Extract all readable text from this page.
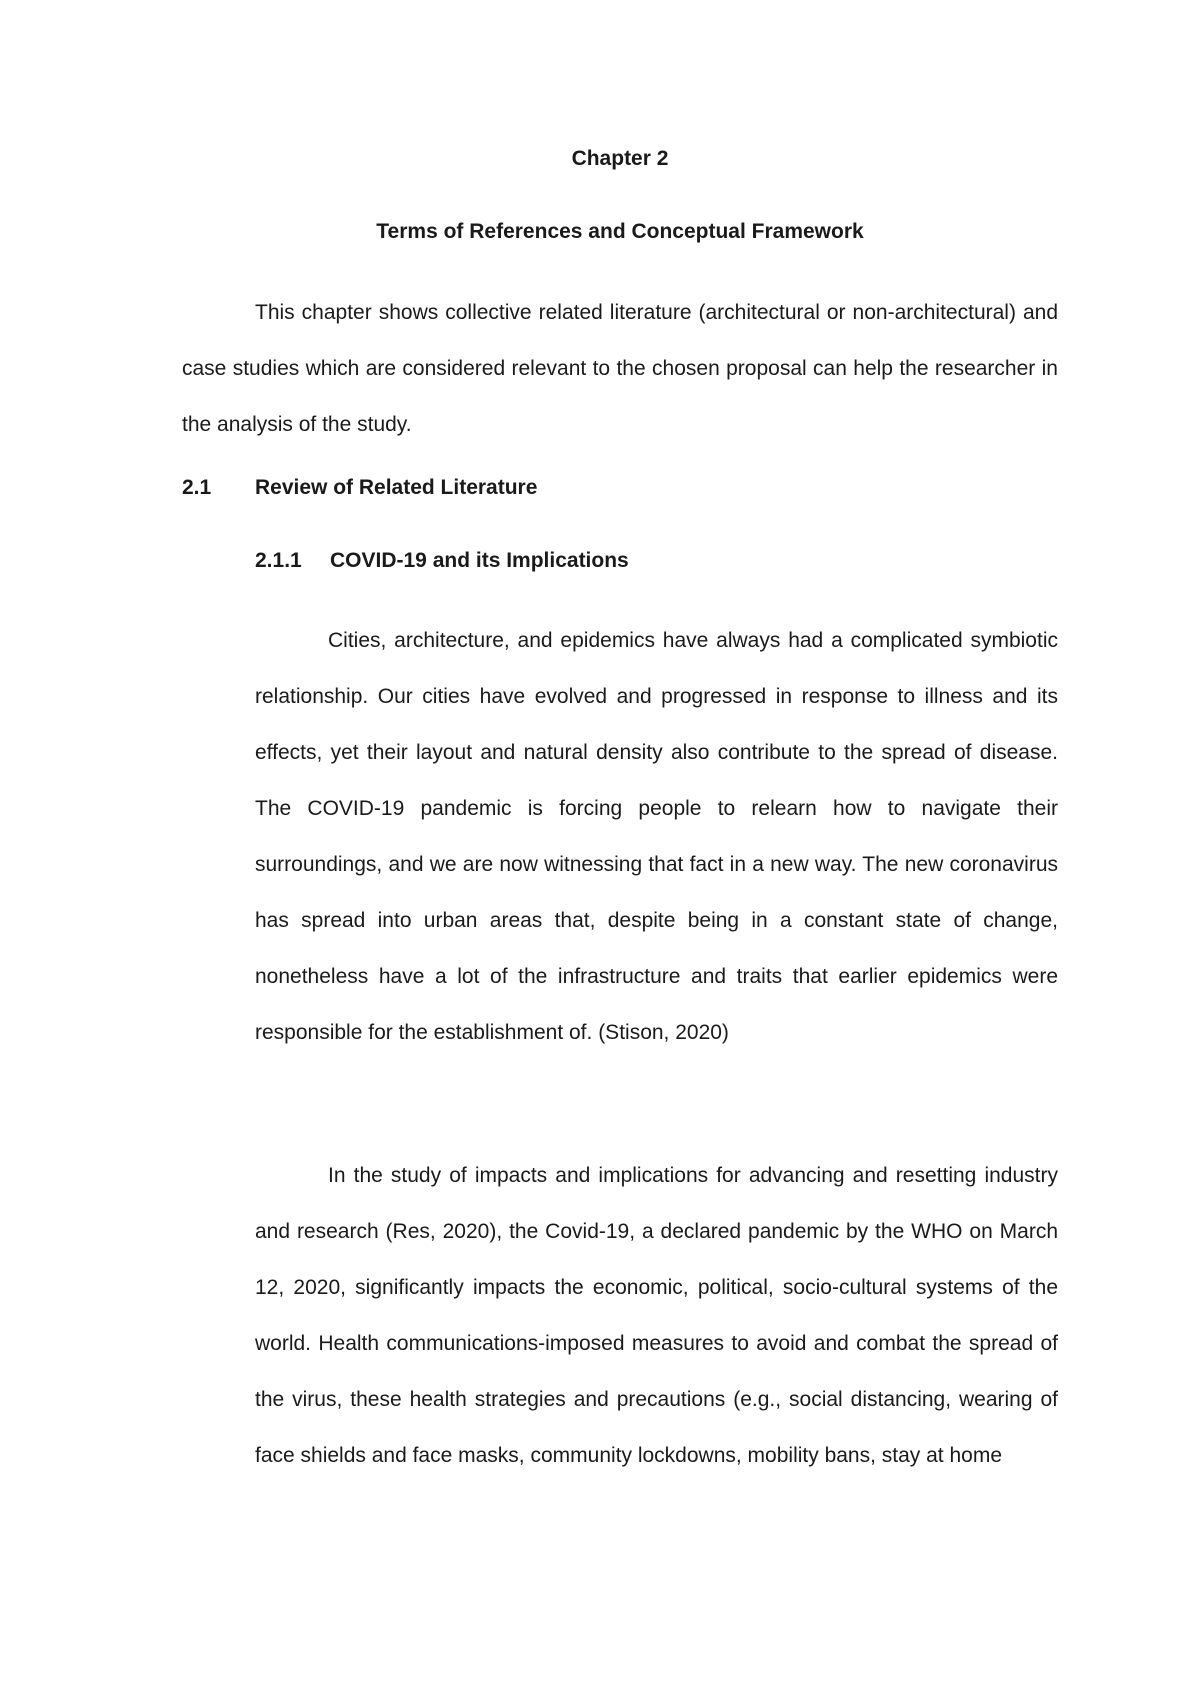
Chapter 2
Terms of References and Conceptual Framework

This chapter shows collective related literature (architectural or non-architectural) and case studies which are considered relevant to the chosen proposal can help the researcher in the analysis of the study.

2.1 Review of Related Literature
2.1.1 COVID-19 and its Implications

Cities, architecture, and epidemics have always had a complicated symbiotic relationship. Our cities have evolved and progressed in response to illness and its effects, yet their layout and natural density also contribute to the spread of disease. The COVID-19 pandemic is forcing people to relearn how to navigate their surroundings, and we are now witnessing that fact in a new way. The new coronavirus has spread into urban areas that, despite being in a constant state of change, nonetheless have a lot of the infrastructure and traits that earlier epidemics were responsible for the establishment of. (Stison, 2020)

In the study of impacts and implications for advancing and resetting industry and research (Res, 2020), the Covid-19, a declared pandemic by the WHO on March 12, 2020, significantly impacts the economic, political, socio-cultural systems of the world. Health communications-imposed measures to avoid and combat the spread of the virus, these health strategies and precautions (e.g., social distancing, wearing of face shields and face masks, community lockdowns, mobility bans, stay at home
